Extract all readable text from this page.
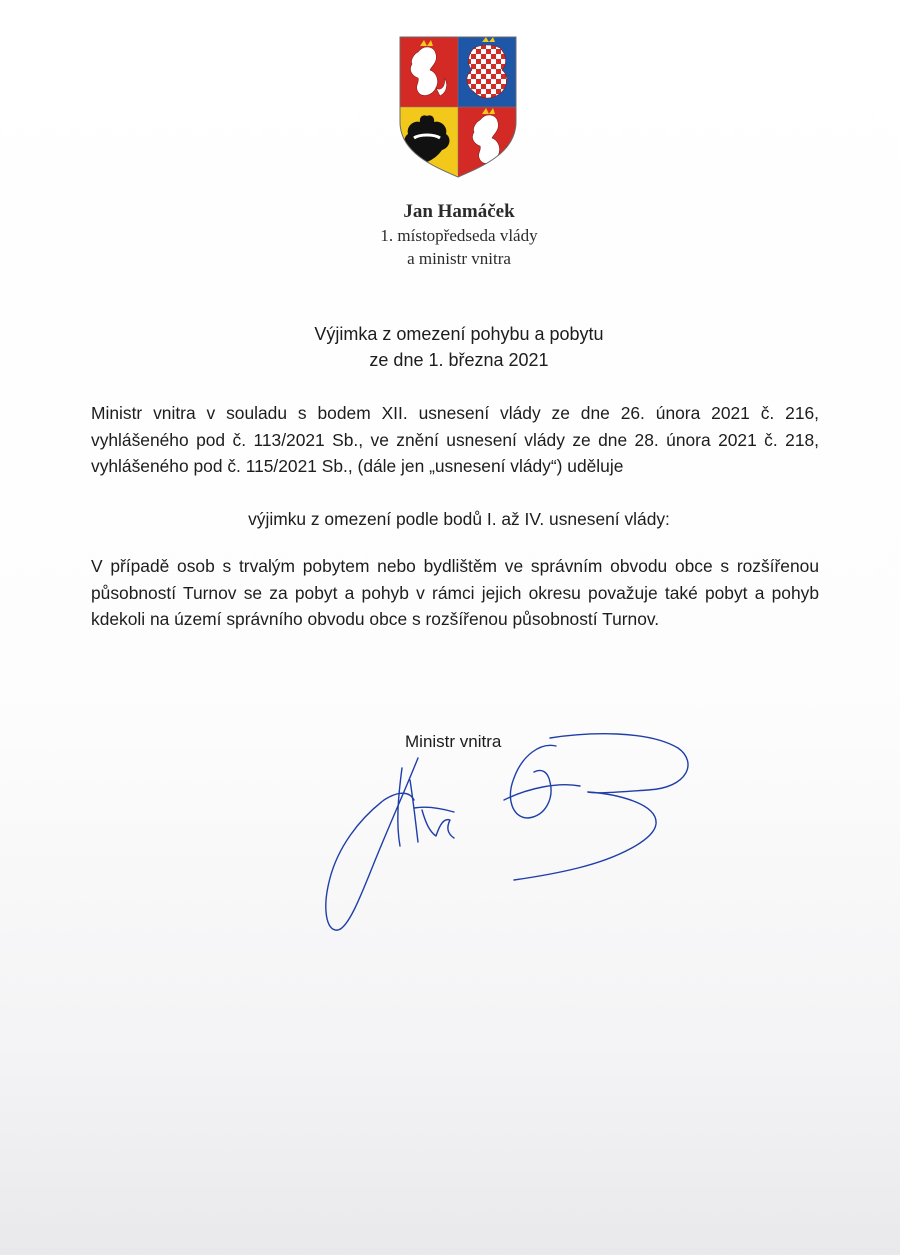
Jan Hamáček
1. místopředseda vlády
a ministr vnitra
Výjimka z omezení pohybu a pobytu
ze dne 1. března 2021
Ministr vnitra v souladu s bodem XII. usnesení vlády ze dne 26. února 2021 č. 216, vyhlášeného pod č. 113/2021 Sb., ve znění usnesení vlády ze dne 28. února 2021 č. 218, vyhlášeného pod č. 115/2021 Sb., (dále jen „usnesení vlády“) uděluje
výjimku z omezení podle bodů I. až IV. usnesení vlády:
V případě osob s trvalým pobytem nebo bydlištěm ve správním obvodu obce s rozšířenou působností Turnov se za pobyt a pohyb v rámci jejich okresu považuje také pobyt a pohyb kdekoli na území správního obvodu obce s rozšířenou působností Turnov.
Ministr vnitra
